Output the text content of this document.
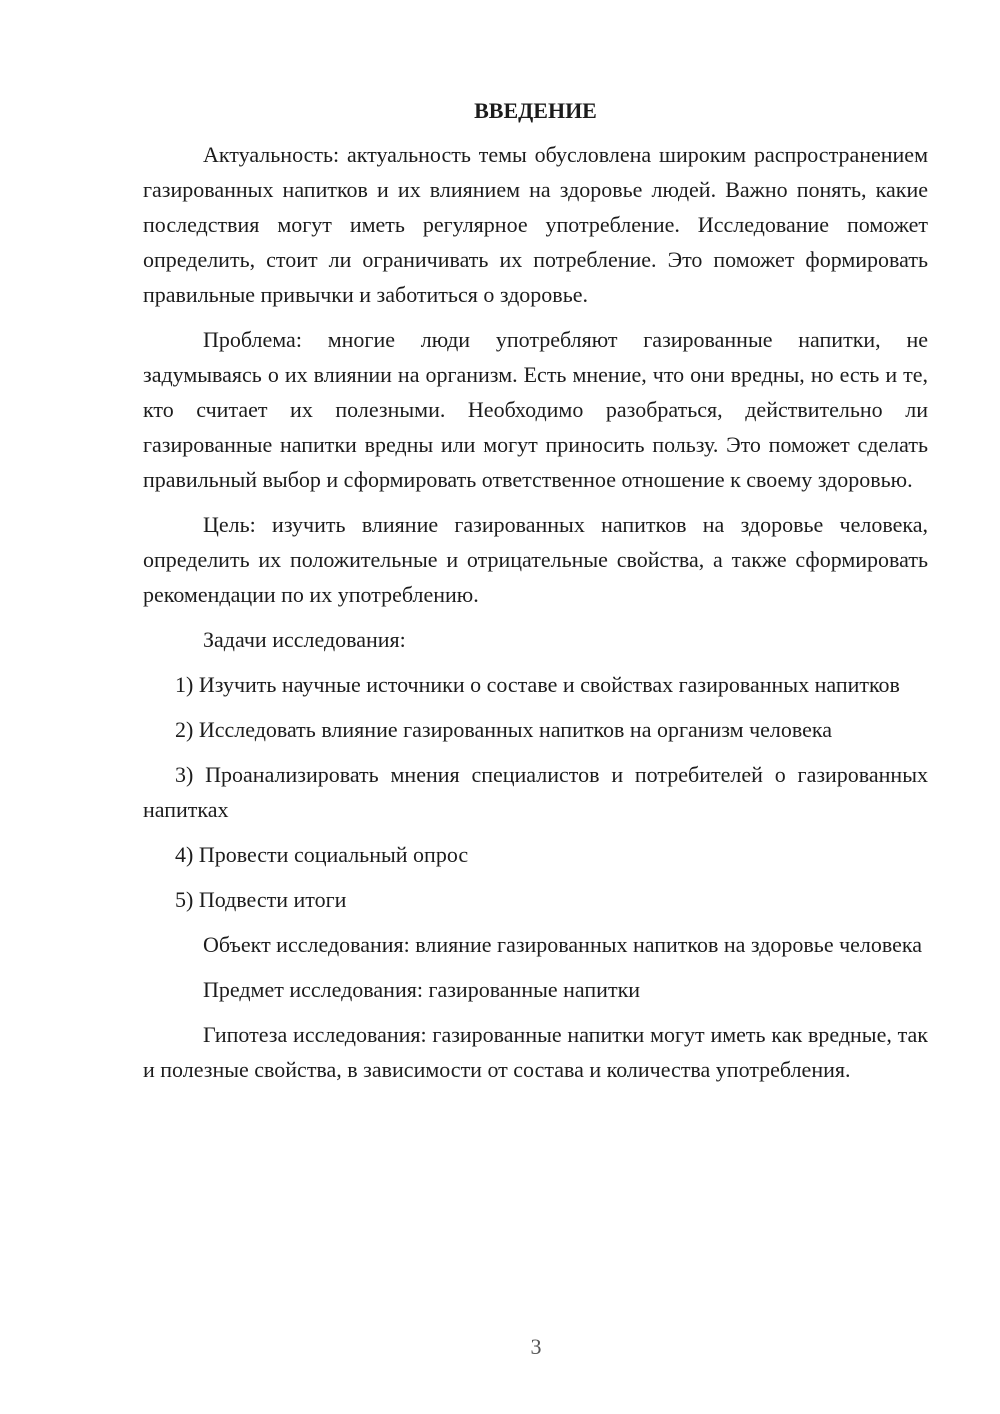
ВВЕДЕНИЕ

Актуальность: актуальность темы обусловлена широким распространением газированных напитков и их влиянием на здоровье людей. Важно понять, какие последствия могут иметь регулярное употребление. Исследование поможет определить, стоит ли ограничивать их потребление. Это поможет формировать правильные привычки и заботиться о здоровье.

Проблема: многие люди употребляют газированные напитки, не задумываясь о их влиянии на организм. Есть мнение, что они вредны, но есть и те, кто считает их полезными. Необходимо разобраться, действительно ли газированные напитки вредны или могут приносить пользу. Это поможет сделать правильный выбор и сформировать ответственное отношение к своему здоровью.

Цель: изучить влияние газированных напитков на здоровье человека, определить их положительные и отрицательные свойства, а также сформировать рекомендации по их употреблению.

Задачи исследования:

1) Изучить научные источники о составе и свойствах газированных напитков

2) Исследовать влияние газированных напитков на организм человека

3) Проанализировать мнения специалистов и потребителей о газированных напитках

4) Провести социальный опрос

5) Подвести итоги

Объект исследования: влияние газированных напитков на здоровье человека

Предмет исследования: газированные напитки

Гипотеза исследования: газированные напитки могут иметь как вредные, так и полезные свойства, в зависимости от состава и количества употребления.

3
